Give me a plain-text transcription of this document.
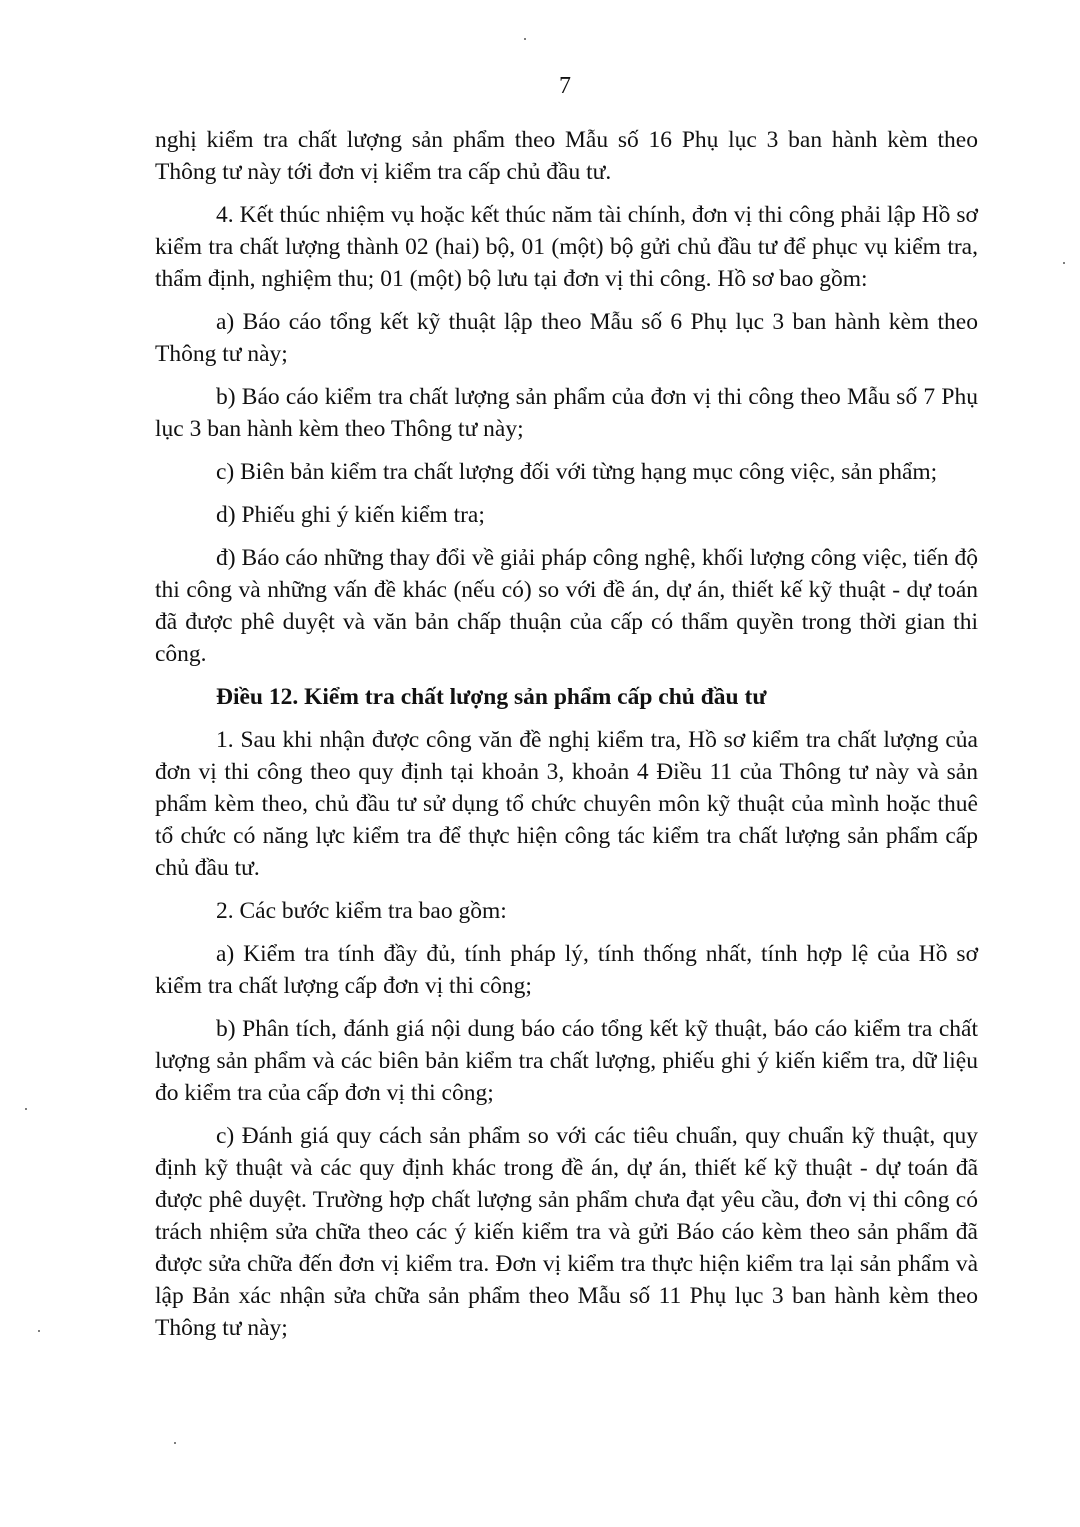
7

nghị kiểm tra chất lượng sản phẩm theo Mẫu số 16 Phụ lục 3 ban hành kèm theo Thông tư này tới đơn vị kiểm tra cấp chủ đầu tư.

4. Kết thúc nhiệm vụ hoặc kết thúc năm tài chính, đơn vị thi công phải lập Hồ sơ kiểm tra chất lượng thành 02 (hai) bộ, 01 (một) bộ gửi chủ đầu tư để phục vụ kiểm tra, thẩm định, nghiệm thu; 01 (một) bộ lưu tại đơn vị thi công. Hồ sơ bao gồm:

a) Báo cáo tổng kết kỹ thuật lập theo Mẫu số 6 Phụ lục 3 ban hành kèm theo Thông tư này;

b) Báo cáo kiểm tra chất lượng sản phẩm của đơn vị thi công theo Mẫu số 7 Phụ lục 3 ban hành kèm theo Thông tư này;

c) Biên bản kiểm tra chất lượng đối với từng hạng mục công việc, sản phẩm;

d) Phiếu ghi ý kiến kiểm tra;

đ) Báo cáo những thay đổi về giải pháp công nghệ, khối lượng công việc, tiến độ thi công và những vấn đề khác (nếu có) so với đề án, dự án, thiết kế kỹ thuật - dự toán đã được phê duyệt và văn bản chấp thuận của cấp có thẩm quyền trong thời gian thi công.

Điều 12. Kiểm tra chất lượng sản phẩm cấp chủ đầu tư

1. Sau khi nhận được công văn đề nghị kiểm tra, Hồ sơ kiểm tra chất lượng của đơn vị thi công theo quy định tại khoản 3, khoản 4 Điều 11 của Thông tư này và sản phẩm kèm theo, chủ đầu tư sử dụng tổ chức chuyên môn kỹ thuật của mình hoặc thuê tổ chức có năng lực kiểm tra để thực hiện công tác kiểm tra chất lượng sản phẩm cấp chủ đầu tư.

2. Các bước kiểm tra bao gồm:

a) Kiểm tra tính đầy đủ, tính pháp lý, tính thống nhất, tính hợp lệ của Hồ sơ kiểm tra chất lượng cấp đơn vị thi công;

b) Phân tích, đánh giá nội dung báo cáo tổng kết kỹ thuật, báo cáo kiểm tra chất lượng sản phẩm và các biên bản kiểm tra chất lượng, phiếu ghi ý kiến kiểm tra, dữ liệu đo kiểm tra của cấp đơn vị thi công;

c) Đánh giá quy cách sản phẩm so với các tiêu chuẩn, quy chuẩn kỹ thuật, quy định kỹ thuật và các quy định khác trong đề án, dự án, thiết kế kỹ thuật - dự toán đã được phê duyệt. Trường hợp chất lượng sản phẩm chưa đạt yêu cầu, đơn vị thi công có trách nhiệm sửa chữa theo các ý kiến kiểm tra và gửi Báo cáo kèm theo sản phẩm đã được sửa chữa đến đơn vị kiểm tra. Đơn vị kiểm tra thực hiện kiểm tra lại sản phẩm và lập Bản xác nhận sửa chữa sản phẩm theo Mẫu số 11 Phụ lục 3 ban hành kèm theo Thông tư này;
